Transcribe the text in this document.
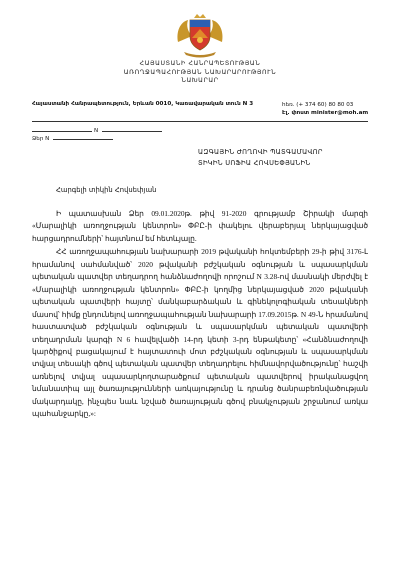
ՀԱՅԱՍՏԱՆԻ ՀԱՆՐԱՊԵՏՈՒԹՅԱՆ
ԱՌՈՂՋԱՊԱՀՈՒԹՅԱՆ ՆԱԽԱՐԱՐՈՒԹՅՈՒՆ
ՆԱԽԱՐԱՐ
Հայաստանի Հանրապետություն, Երևան 0010, Կառավարական տուն N 3	հեռ. (+ 374 60) 80 80 03
Էլ. փոստ minister@moh.am
N
Ձեր N
ԱԶԳԱՅԻՆ ԺՈՂՈՎԻ ՊԱՏԳԱՄԱՎՈՐ
ՏԻԿԻՆ ՍՈՖԻԱ ՀՈՎՍԵՓՅԱՆԻՆ
Հարգելի տիկին Հովսեփյան

Ի պատասխան Ձեր 09.01.2020թ. թիվ 91-2020 գրությամբ Շիրակի մարզի «Մարալիկի առողջության կենտրոն» ՓԲԸ-ի փակելու վերաբերյալ ներկայացված հարցադրումների՝ հայտնում եմ հետևյալը.

ՀՀ առողջապահության նախարարի 2019 թվականի հոկտեմբերի 29-ի թիվ 3176-Լ հրամանով սահմանված՝ 2020 թվականի բժշկական օգնության և սպասարկման պետական պատվեր տեղադրող հանձնաժողովի որոշում N 3.28-ով մասնակի մերժվել է «Մարալիկի առողջության կենտրոն» ՓԲԸ-ի կողմից ներկայացված 2020 թվականի պետական պատվերի հայտը՝ մանկաբարձական և գինեկոլոգիական տեսակների մասով՝ հիմք ընդունելով առողջապահության նախարարի 17.09.2015թ. N 49-Ն հրամանով հաստատված բժշկական օգնության և սպասարկման պետական պատվերի տեղադրման կարգի N 6 հավելվածի 14-րդ կետի 3-րդ ենթակետը՝ «Հանձնաժողովի կարծիքով բացակայում է հայտատուի մոտ բժշկական օգնության և սպասարկման տվյալ տեսակի գծով պետական պատվեր տեղադրելու հիմնավորվածությունը՝ հաշվի առնելով տվյալ սպասարկողտարածքում պետական պատվերով իրականացվող նմանատիպ այլ ծառայությունների առկայությունը և դրանց ծանրաբեռնվածության մակարդակը, ինչպես նաև նշված ծառայության գծով բնակչության շրջանում առկա պահանջարկը,»:
